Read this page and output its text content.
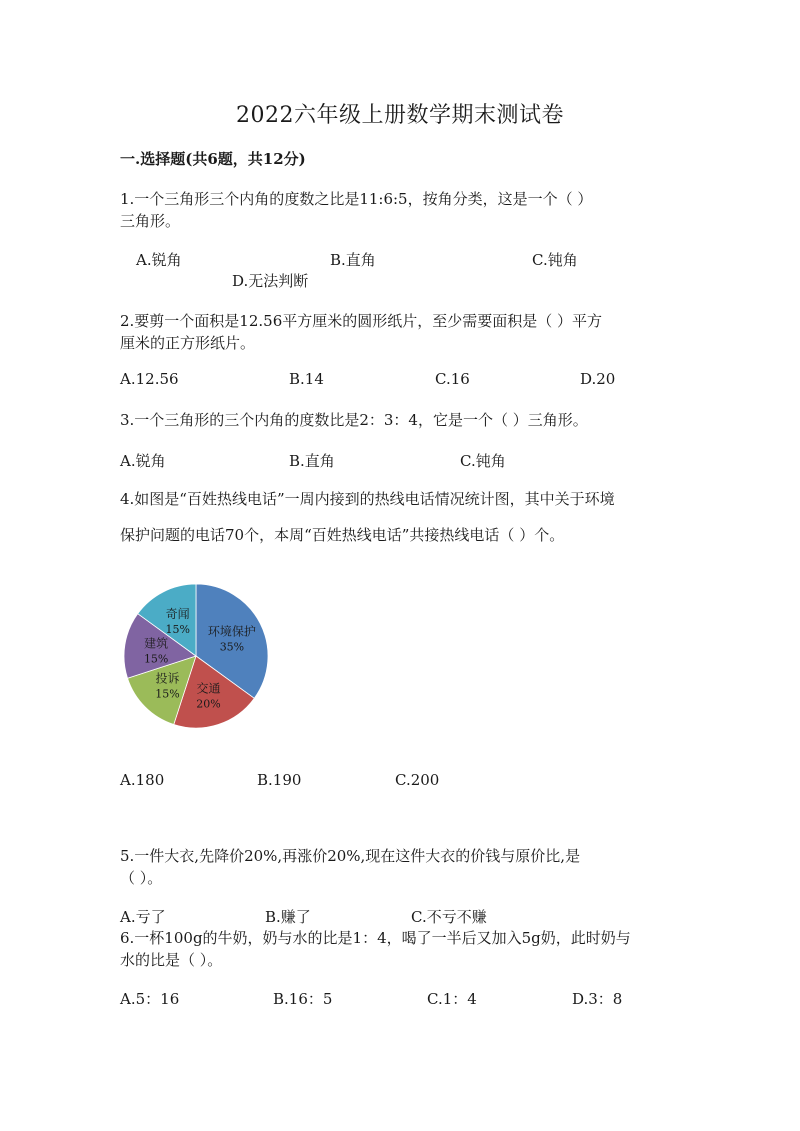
2022六年级上册数学期末测试卷
一.选择题(共6题，共12分)
1.一个三角形三个内角的度数之比是11:6:5，按角分类，这是一个（ ）
三角形。
A.锐角	B.直角	C.钝角
D.无法判断
2.要剪一个面积是12.56平方厘米的圆形纸片，至少需要面积是（ ）平方
厘米的正方形纸片。
A.12.56	B.14	C.16	D.20
3.一个三角形的三个内角的度数比是2：3：4，它是一个（ ）三角形。
A.锐角	B.直角	C.钝角
4.如图是“百姓热线电话”一周内接到的热线电话情况统计图，其中关于环境
保护问题的电话70个，本周“百姓热线电话”共接热线电话（ ）个。
环境保护
35%
交通
20%
投诉
15%
建筑
15%
奇闻
15%
A.180	B.190	C.200
5.一件大衣,先降价20%,再涨价20%,现在这件大衣的价钱与原价比,是
（ ）。
A.亏了	B.赚了	C.不亏不赚
6.一杯100g的牛奶，奶与水的比是1：4，喝了一半后又加入5g奶，此时奶与
水的比是（ ）。
A.5：16	B.16：5	C.1：4	D.3：8
